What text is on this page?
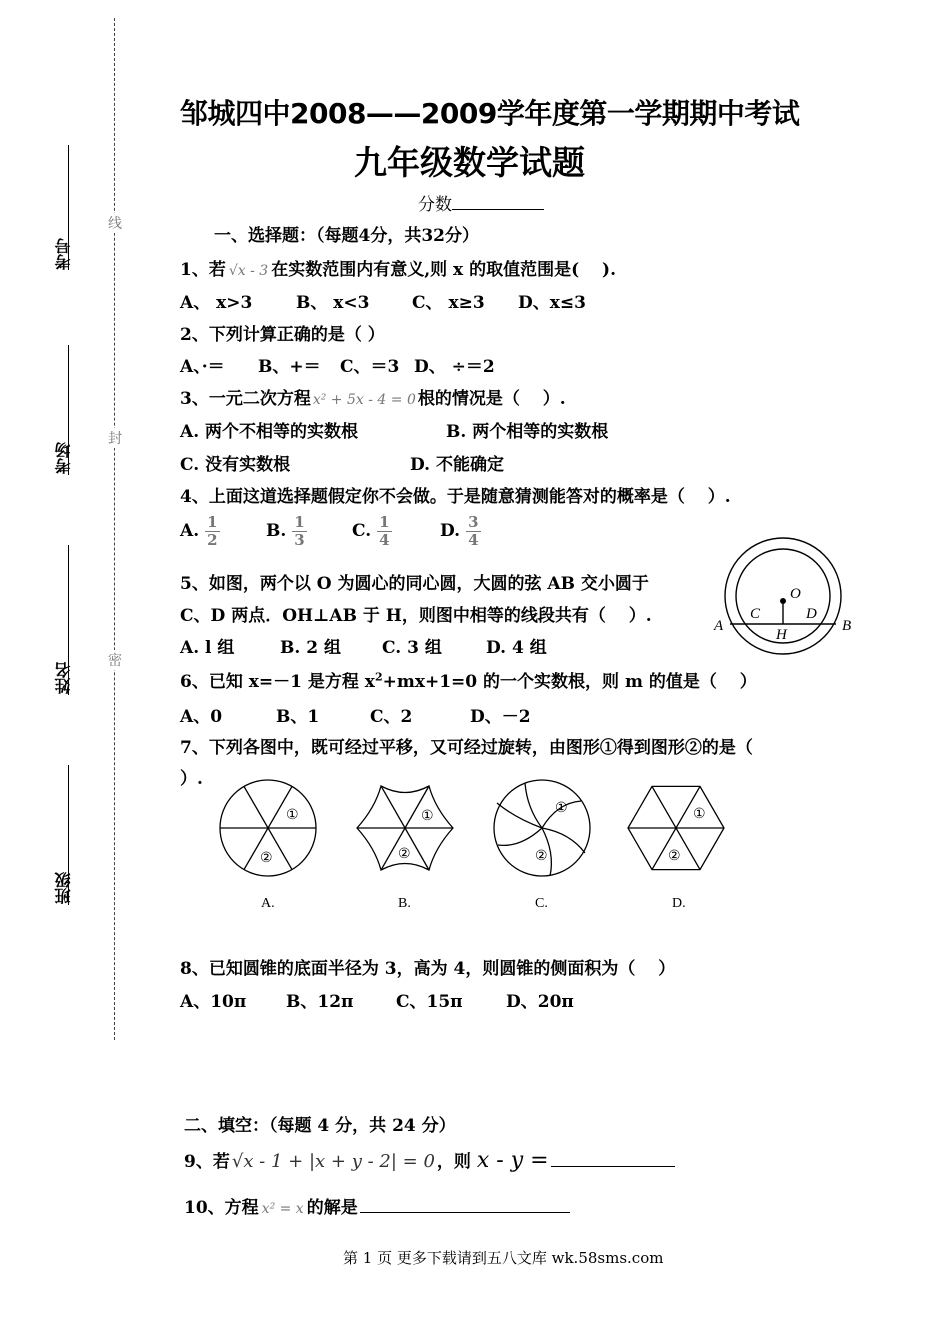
线
封
密
考号
考场
姓名
班级
邹城四中2008——2009学年度第一学期期中考试
九年级数学试题
分数
一、选择题：（每题4分，共32分）
1、若 √x - 3 在实数范围内有意义,则 x 的取值范围是(　 ).
A、 x>3	B、 x<3	C、 x≥3 D、x≤3
2、下列计算正确的是（ ）
A、·＝ B、+＝ C、＝3 D、 ÷＝2
3、一元二次方程 x² + 5x - 4 = 0 根的情况是（　 ）.
A. 两个不相等的实数根	B. 两个相等的实数根
C. 没有实数根	D. 不能确定
4、上面这道选择题假定你不会做。于是随意猜测能答对的概率是（　 ）.
A. $\frac{1}{2}$	B. $\frac{1}{3}$	C. $\frac{1}{4}$	D. $\frac{3}{4}$
5、如图，两个以 O 为圆心的同心圆，大圆的弦 AB 交小圆于
C、D 两点．OH⊥AB 于 H，则图中相等的线段共有（　 ）.
A. l 组	B. 2 组 C. 3 组	D. 4 组
O
A	B
C	D
H
6、已知 x=－1 是方程 $x^2+mx+1=0$ 的一个实数根，则 m 的值是（　 ）
A、0	B、1	C、2	D、－2
7、下列各图中，既可经过平移，又可经过旋转，由图形①得到图形②的是（
）.
①
②
①
②
①
②
①
②
A.	B.	C.	D.
8、已知圆锥的底面半径为 3，高为 4，则圆锥的侧面积为（　 ）
A、10π B、12π	C、15π	D、20π
二、填空：（每题 4 分，共 24 分）
9、若 √x - 1 + |x + y - 2| = 0 ，则 x - y =
10、方程 x² = x 的解是
第 1 页 更多下载请到五八文库 wk.58sms.com
